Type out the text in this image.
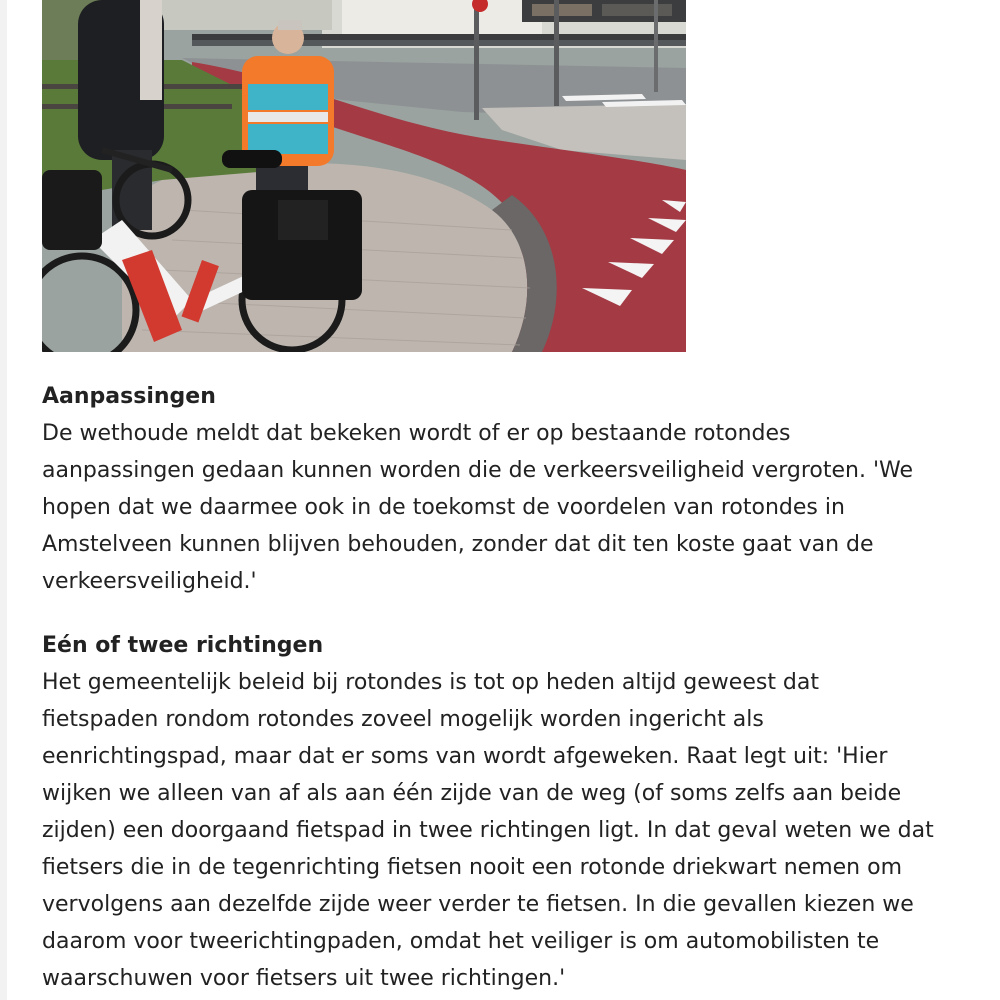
Aanpassingen

De wethoude meldt dat bekeken wordt of er op bestaande rotondes
aanpassingen gedaan kunnen worden die de verkeersveiligheid vergroten. 'We
hopen dat we daarmee ook in de toekomst de voordelen van rotondes in
Amstelveen kunnen blijven behouden, zonder dat dit ten koste gaat van de
verkeersveiligheid.'

Eén of twee richtingen

Het gemeentelijk beleid bij rotondes is tot op heden altijd geweest dat
fietspaden rondom rotondes zoveel mogelijk worden ingericht als
eenrichtingspad, maar dat er soms van wordt afgeweken. Raat legt uit: 'Hier
wijken we alleen van af als aan één zijde van de weg (of soms zelfs aan beide
zijden) een doorgaand fietspad in twee richtingen ligt. In dat geval weten we dat
fietsers die in de tegenrichting fietsen nooit een rotonde driekwart nemen om
vervolgens aan dezelfde zijde weer verder te fietsen. In die gevallen kiezen we
daarom voor tweerichtingpaden, omdat het veiliger is om automobilisten te
waarschuwen voor fietsers uit twee richtingen.'
